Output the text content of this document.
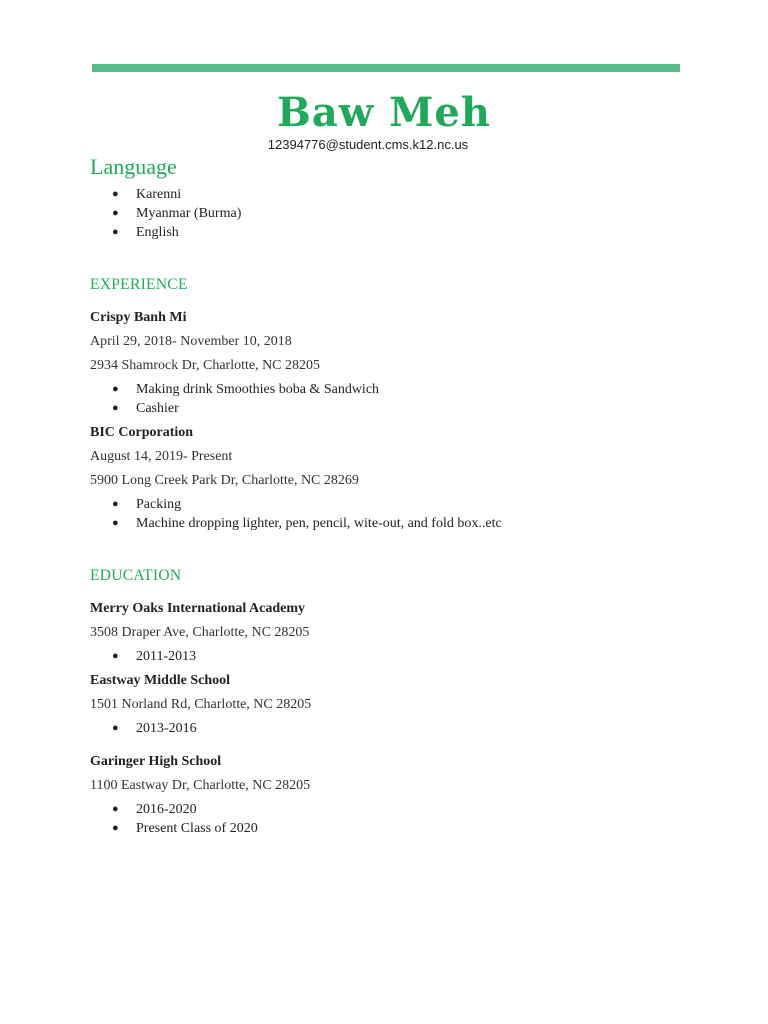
Baw Meh
12394776@student.cms.k12.nc.us
Language
● Karenni
● Myanmar (Burma)
● English
EXPERIENCE
Crispy Banh Mi
April 29, 2018- November 10, 2018
2934 Shamrock Dr, Charlotte, NC 28205
● Making drink Smoothies boba & Sandwich
● Cashier
BIC Corporation
August 14, 2019- Present
5900 Long Creek Park Dr, Charlotte, NC 28269
● Packing
● Machine dropping lighter, pen, pencil, wite-out, and fold box..etc
EDUCATION
Merry Oaks International Academy
3508 Draper Ave, Charlotte, NC 28205
● 2011-2013
Eastway Middle School
1501 Norland Rd, Charlotte, NC 28205
● 2013-2016
Garinger High School
1100 Eastway Dr, Charlotte, NC 28205
● 2016-2020
● Present Class of 2020
